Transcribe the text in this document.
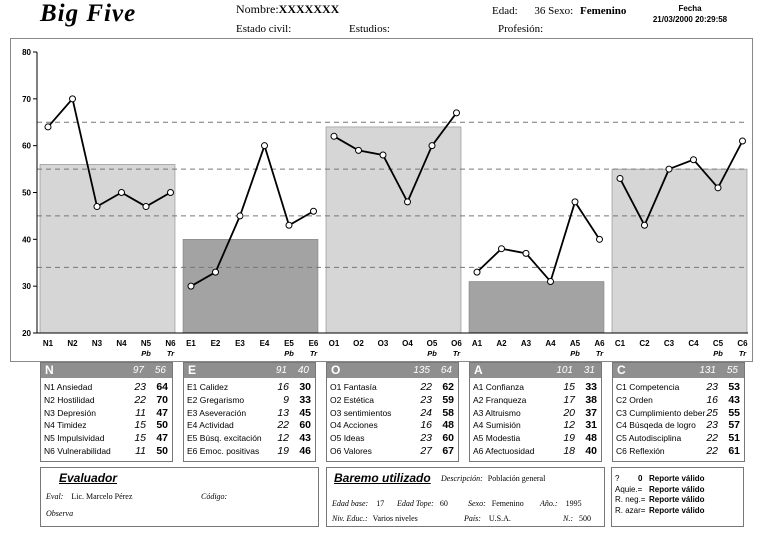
Big Five	Nombre:XXXXXXX
Estado civil:	Estudios:
Edad: 36 Sexo: Femenino
Profesión:
Fecha
21/03/2000 20:29:58
20
30
40
50
60
70
80
N1 N2 N3 N4 N5 N6
Pb Tr
E1 E2 E3 E4 E5 E6
Pb Tr
O1 O2 O3 O4 O5 O6
Pb Tr
A1 A2 A3 A4 A5 A6
Pb Tr
C1 C2 C3 C4 C5 C6
Pb Tr
N	97 56
N1 Ansiedad	23 64
N2 Hostilidad	22 70
N3 Depresión	11 47
N4 Timidez	15 50
N5 Impulsividad	15 47
N6 Vulnerabilidad 11 50
E	91 40
E1 Calidez	16 30
E2 Gregarismo	9 33
E3 Aseveración	13 45
E4 Actividad	22 60
E5 Búsq. excitación 12 43
E6 Emoc. positivas 19 46
O	135 64
O1 Fantasía	22 62
O2 Estética	23 59
O3 sentimientos	24 58
O4 Acciones	16 48
O5 Ideas	23 60
O6 Valores	27 67
A	101 31
A1 Confianza	15 33
A2 Franqueza	17 38
A3 Altruismo	20 37
A4 Sumisión	12 31
A5 Modestia	19 48
A6 Afectuosidad	18 40
C	131 55
C1 Competencia	23 53
C2 Orden	16 43
C3 Cumplimiento deber 25 55
C4 Búsqeda de logro 23 57
C5 Autodisciplina 22 51
C6 Reflexión	22 61
Evaluador
Eval: Lic. Marcelo Pérez	Código:
Observa
Baremo utilizado Descripción: Población general
Edad base: 17 Edad Tope: 60	Sexo: Femenino Año.: 1995
Niv. Educ.: Varios niveles	País: U.S.A.	N.: 500
? 0 Reporte válido
Aquie.= Reporte válido
R. neg.= Reporte válido
R. azar= Reporte válido
